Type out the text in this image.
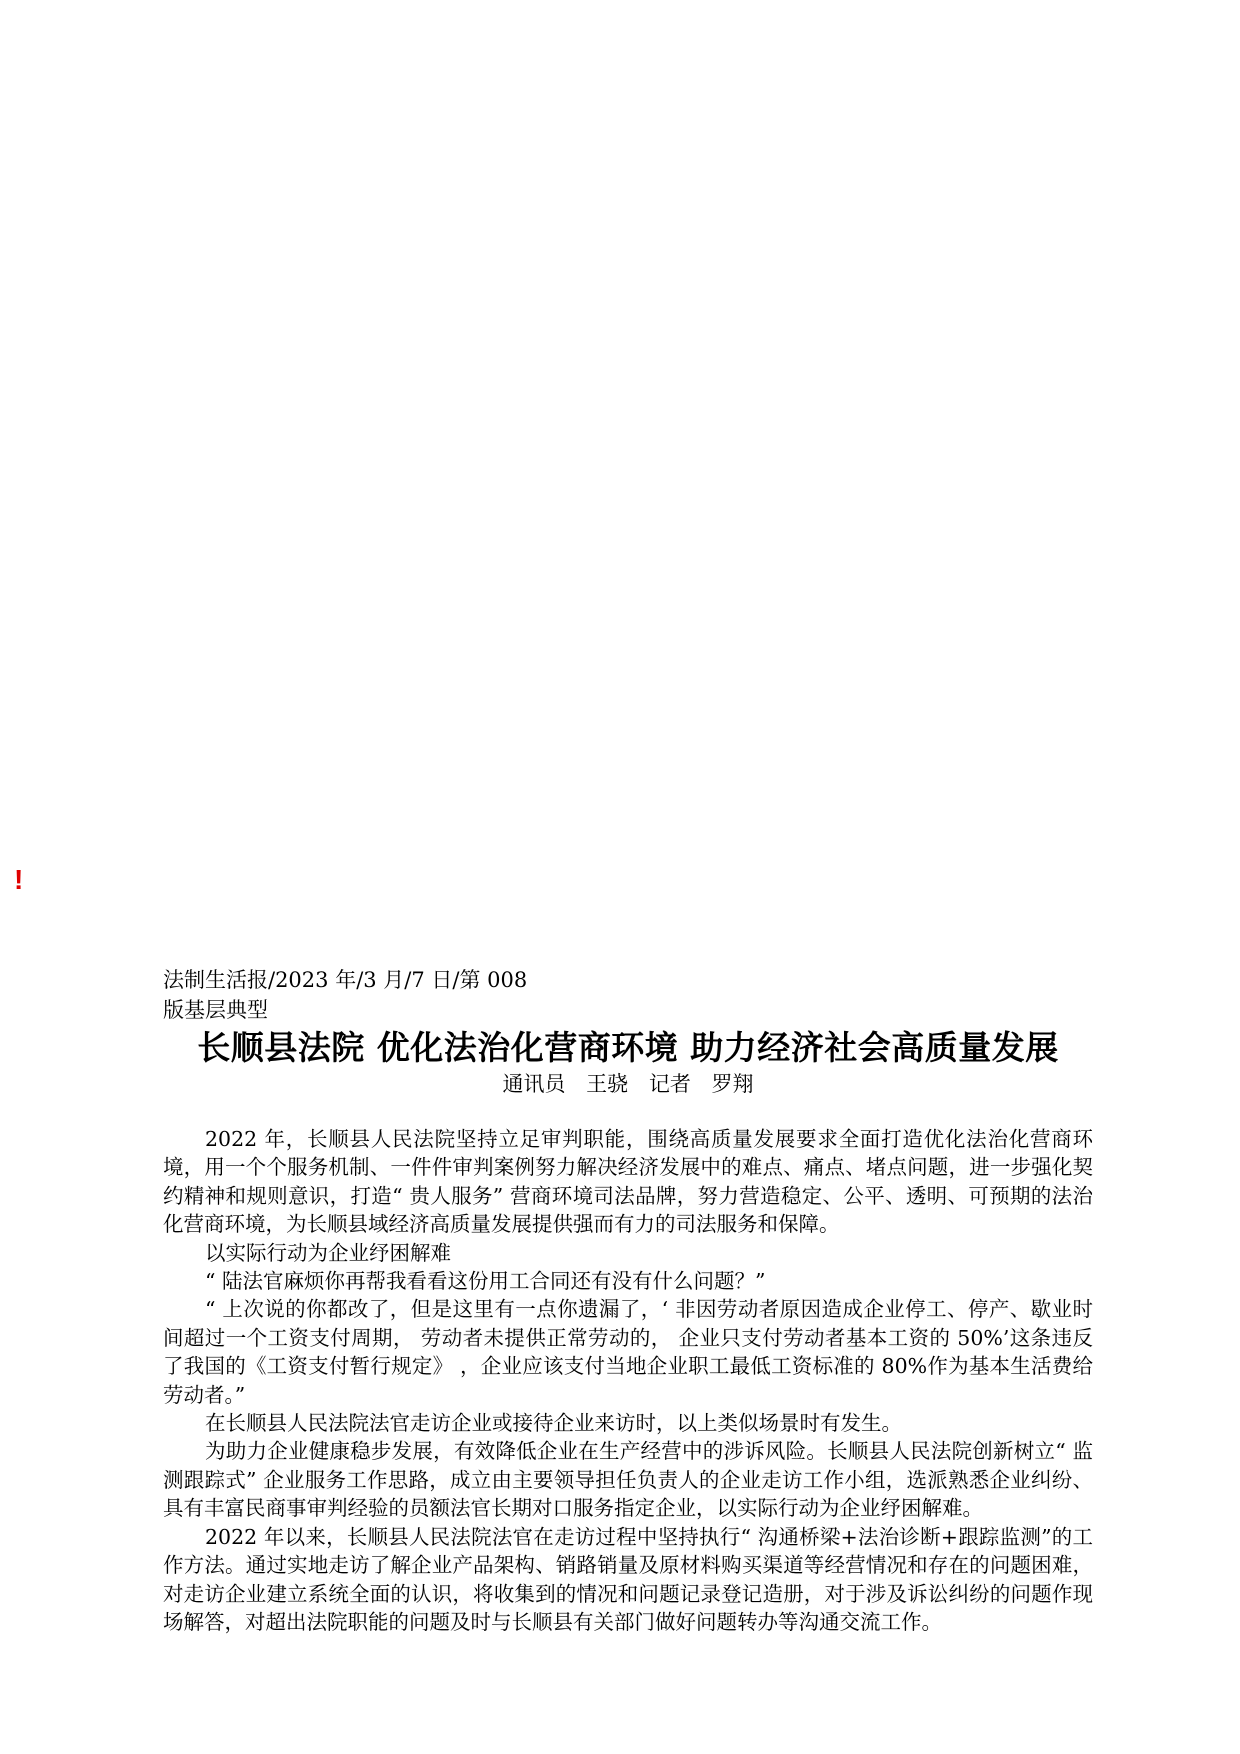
!

法制生活报/2023 年/3 月/7 日/第 008
版基层典型

长顺县法院 优化法治化营商环境 助力经济社会高质量发展

通讯员 王骁 记者 罗翔

2022 年，长顺县人民法院坚持立足审判职能，围绕高质量发展要求全面打造优化法治化营商环境，用一个个服务机制、一件件审判案例努力解决经济发展中的难点、痛点、堵点问题，进一步强化契约精神和规则意识，打造“ 贵人服务” 营商环境司法品牌，努力营造稳定、公平、透明、可预期的法治化营商环境，为长顺县域经济高质量发展提供强而有力的司法服务和保障。

以实际行动为企业纾困解难

“ 陆法官麻烦你再帮我看看这份用工合同还有没有什么问题？”

“ 上次说的你都改了，但是这里有一点你遗漏了，‘ 非因劳动者原因造成企业停工、停产、歇业时间超过一个工资支付周期， 劳动者未提供正常劳动的， 企业只支付劳动者基本工资的 50%’这条违反了我国的《工资支付暂行规定》 ，企业应该支付当地企业职工最低工资标准的 80%作为基本生活费给劳动者。”

在长顺县人民法院法官走访企业或接待企业来访时，以上类似场景时有发生。

为助力企业健康稳步发展，有效降低企业在生产经营中的涉诉风险。长顺县人民法院创新树立“ 监测跟踪式” 企业服务工作思路，成立由主要领导担任负责人的企业走访工作小组，选派熟悉企业纠纷、具有丰富民商事审判经验的员额法官长期对口服务指定企业，以实际行动为企业纾困解难。

2022 年以来，长顺县人民法院法官在走访过程中坚持执行“ 沟通桥梁+法治诊断+跟踪监测”的工作方法。通过实地走访了解企业产品架构、销路销量及原材料购买渠道等经营情况和存在的问题困难，对走访企业建立系统全面的认识，将收集到的情况和问题记录登记造册，对于涉及诉讼纠纷的问题作现场解答，对超出法院职能的问题及时与长顺县有关部门做好问题转办等沟通交流工作。
